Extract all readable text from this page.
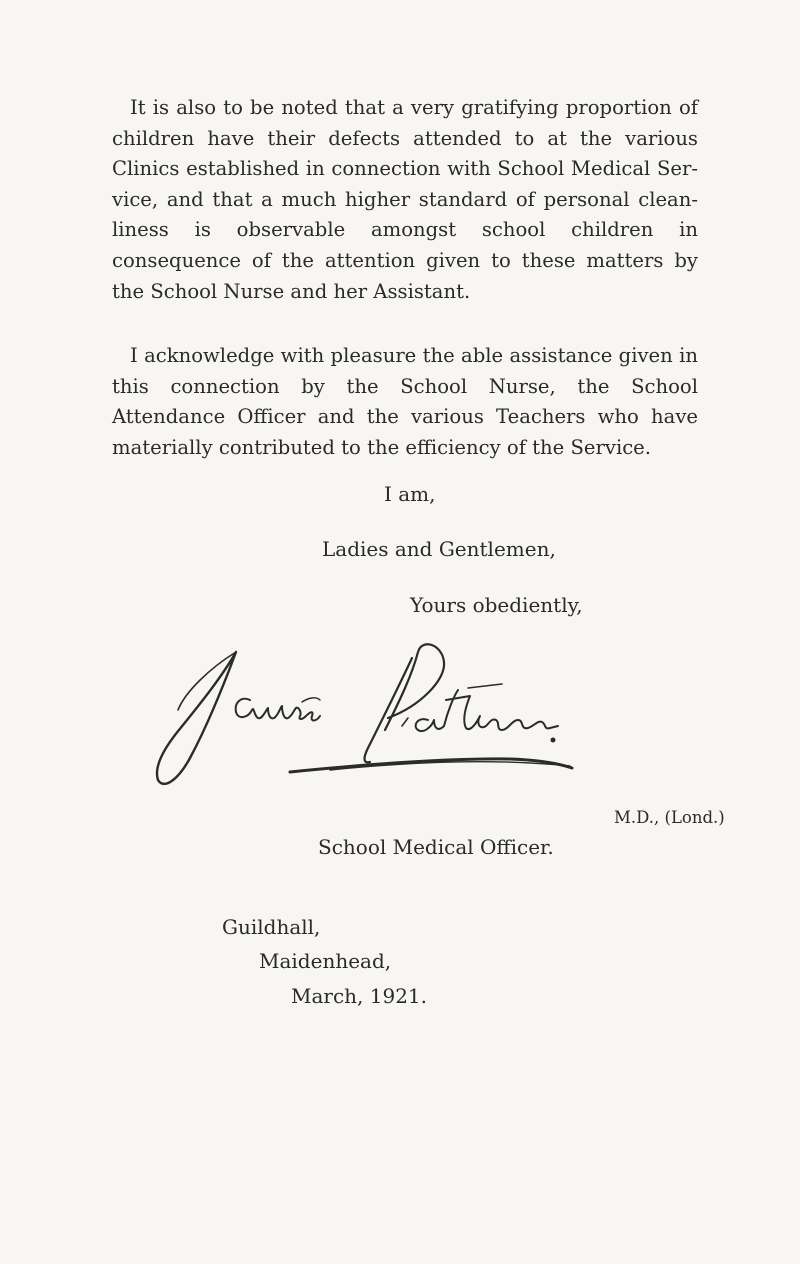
It is also to be noted that a very gratifying proportion of children have their defects attended to at the various Clinics established in connection with School Medical Service, and that a much higher standard of personal cleanliness is observable amongst school children in consequence of the attention given to these matters by the School Nurse and her Assistant.

I acknowledge with pleasure the able assistance given in this connection by the School Nurse, the School Attendance Officer and the various Teachers who have materially contributed to the efficiency of the Service.

I am,

Ladies and Gentlemen,

Yours obediently,

M.D., (Lond.)

School Medical Officer.

Guildhall,

Maidenhead,

March, 1921.
